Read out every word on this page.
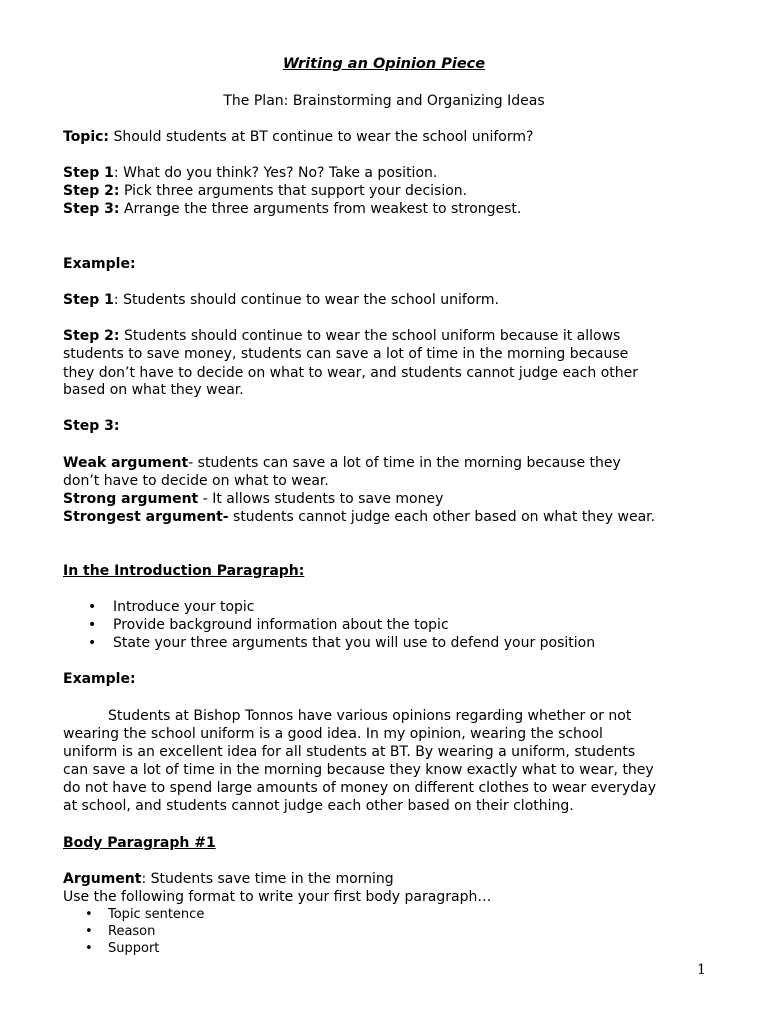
Writing an Opinion Piece
The Plan: Brainstorming and Organizing Ideas
Topic: Should students at BT continue to wear the school uniform?
Step 1: What do you think? Yes? No? Take a position.
Step 2: Pick three arguments that support your decision.
Step 3: Arrange the three arguments from weakest to strongest.
Example:
Step 1: Students should continue to wear the school uniform.
Step 2: Students should continue to wear the school uniform because it allows
students to save money, students can save a lot of time in the morning because
they don’t have to decide on what to wear, and students cannot judge each other
based on what they wear.
Step 3:
Weak argument- students can save a lot of time in the morning because they
don’t have to decide on what to wear.
Strong argument - It allows students to save money
Strongest argument- students cannot judge each other based on what they wear.
In the Introduction Paragraph:
• Introduce your topic
• Provide background information about the topic
• State your three arguments that you will use to defend your position
Example:
Students at Bishop Tonnos have various opinions regarding whether or not
wearing the school uniform is a good idea. In my opinion, wearing the school
uniform is an excellent idea for all students at BT. By wearing a uniform, students
can save a lot of time in the morning because they know exactly what to wear, they
do not have to spend large amounts of money on different clothes to wear everyday
at school, and students cannot judge each other based on their clothing.
Body Paragraph #1
Argument: Students save time in the morning
Use the following format to write your first body paragraph…
• Topic sentence
• Reason
• Support
1
